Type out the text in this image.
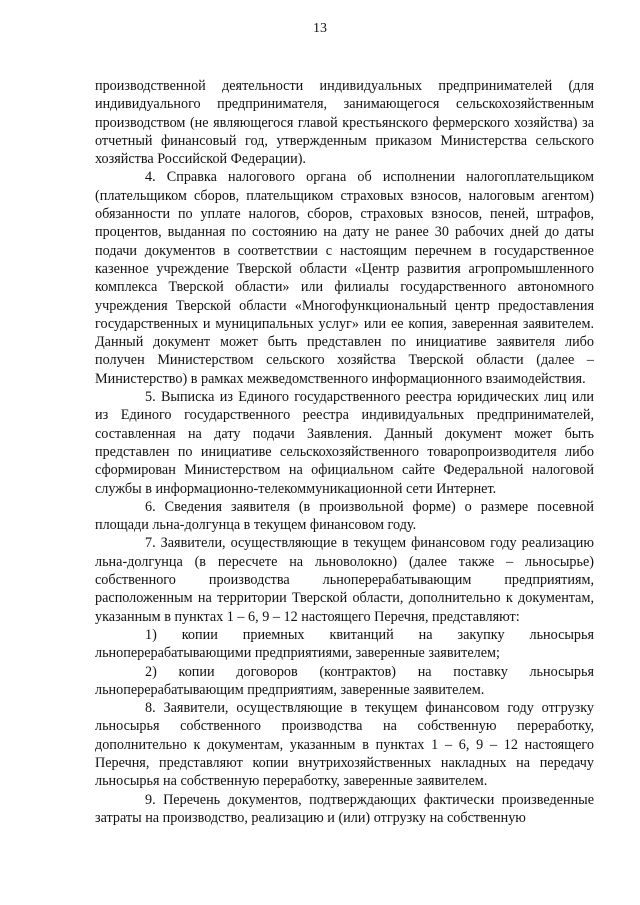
13

производственной деятельности индивидуальных предпринимателей (для индивидуального предпринимателя, занимающегося сельскохозяйственным производством (не являющегося главой крестьянского фермерского хозяйства) за отчетный финансовый год, утвержденным приказом Министерства сельского хозяйства Российской Федерации).

4. Справка налогового органа об исполнении налогоплательщиком (плательщиком сборов, плательщиком страховых взносов, налоговым агентом) обязанности по уплате налогов, сборов, страховых взносов, пеней, штрафов, процентов, выданная по состоянию на дату не ранее 30 рабочих дней до даты подачи документов в соответствии с настоящим перечнем в государственное казенное учреждение Тверской области «Центр развития агропромышленного комплекса Тверской области» или филиалы государственного автономного учреждения Тверской области «Многофункциональный центр предоставления государственных и муниципальных услуг» или ее копия, заверенная заявителем. Данный документ может быть представлен по инициативе заявителя либо получен Министерством сельского хозяйства Тверской области (далее – Министерство) в рамках межведомственного информационного взаимодействия.

5. Выписка из Единого государственного реестра юридических лиц или из Единого государственного реестра индивидуальных предпринимателей, составленная на дату подачи Заявления. Данный документ может быть представлен по инициативе сельскохозяйственного товаропроизводителя либо сформирован Министерством на официальном сайте Федеральной налоговой службы в информационно-телекоммуникационной сети Интернет.

6. Сведения заявителя (в произвольной форме) о размере посевной площади льна-долгунца в текущем финансовом году.

7. Заявители, осуществляющие в текущем финансовом году реализацию льна-долгунца (в пересчете на льноволокно) (далее также – льносырье) собственного производства льноперерабатывающим предприятиям, расположенным на территории Тверской области, дополнительно к документам, указанным в пунктах 1 – 6, 9 – 12 настоящего Перечня, представляют:

1) копии приемных квитанций на закупку льносырья льноперерабатывающими предприятиями, заверенные заявителем;

2) копии договоров (контрактов) на поставку льносырья льноперерабатывающим предприятиям, заверенные заявителем.

8. Заявители, осуществляющие в текущем финансовом году отгрузку льносырья собственного производства на собственную переработку, дополнительно к документам, указанным в пунктах 1 – 6, 9 – 12 настоящего Перечня, представляют копии внутрихозяйственных накладных на передачу льносырья на собственную переработку, заверенные заявителем.

9. Перечень документов, подтверждающих фактически произведенные затраты на производство, реализацию и (или) отгрузку на собственную
